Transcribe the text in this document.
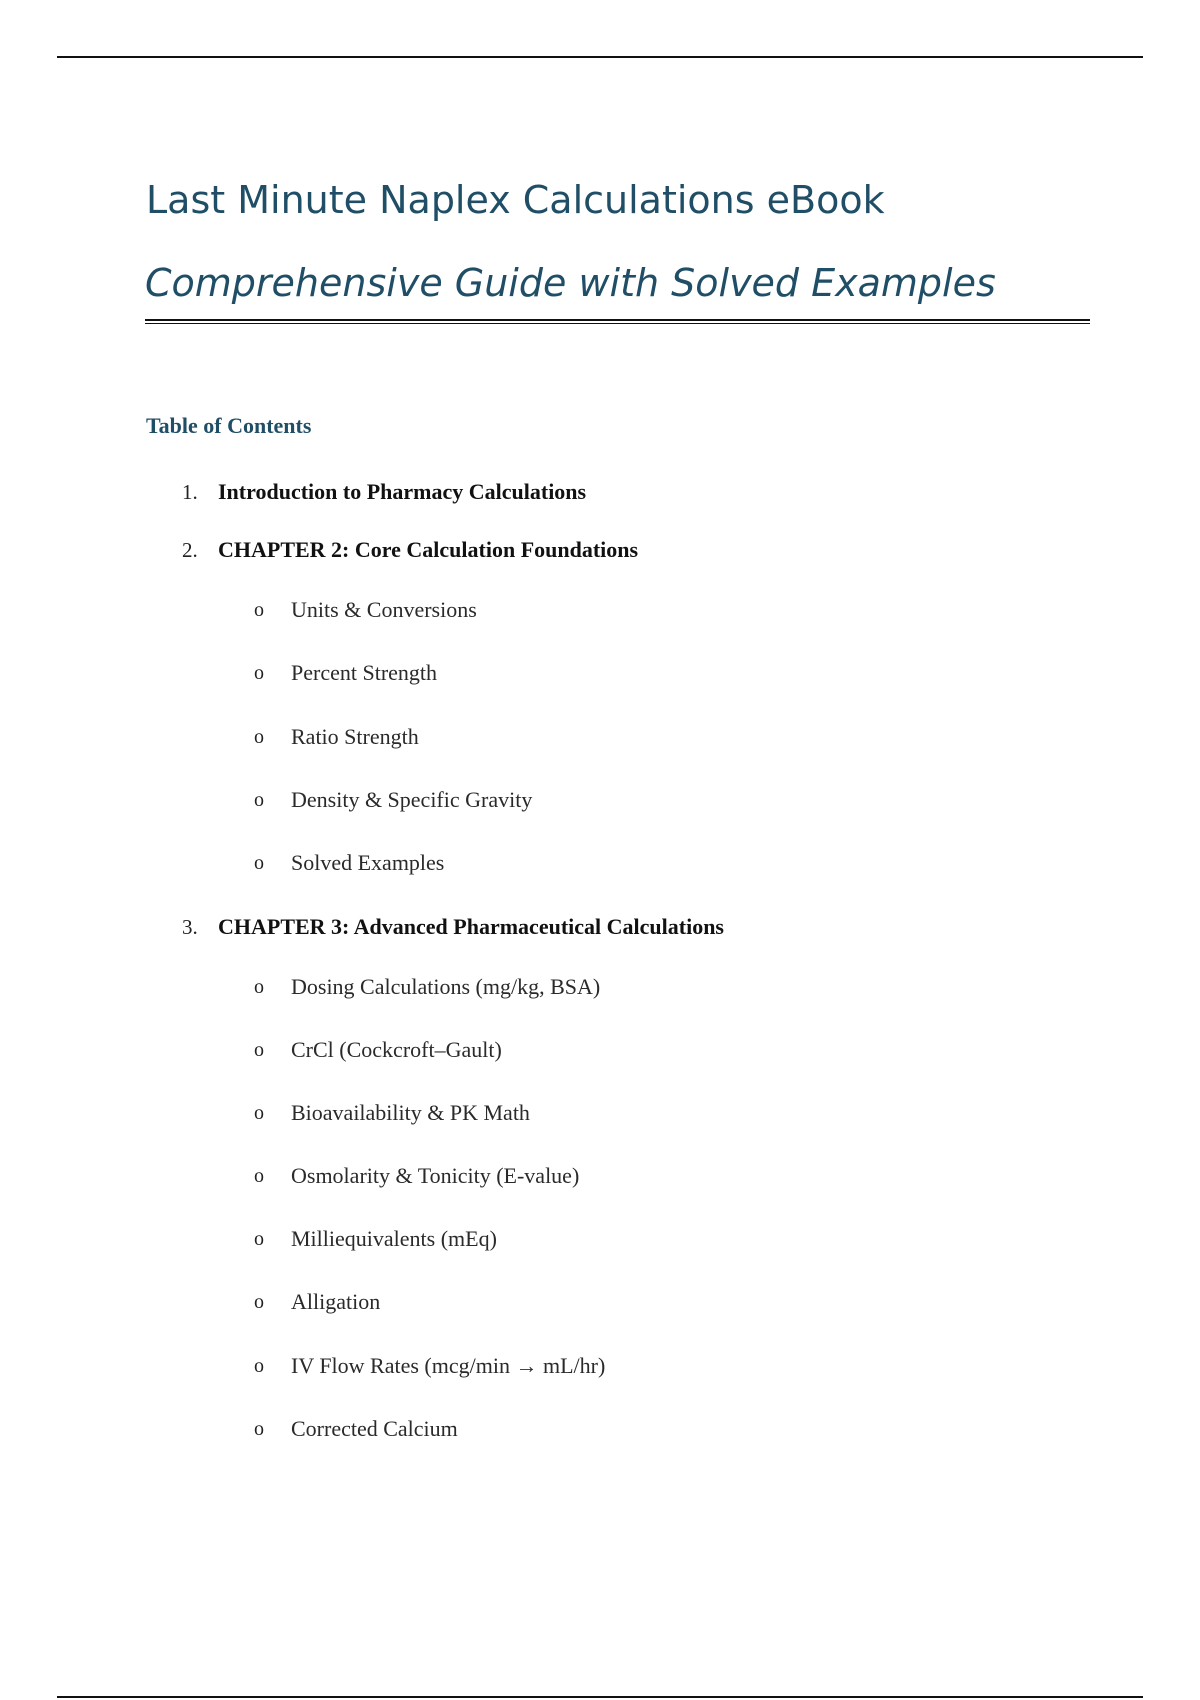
Last Minute Naplex Calculations eBook
Comprehensive Guide with Solved Examples
Table of Contents
1. Introduction to Pharmacy Calculations
2. CHAPTER 2: Core Calculation Foundations
o Units & Conversions
o Percent Strength
o Ratio Strength
o Density & Specific Gravity
o Solved Examples
3. CHAPTER 3: Advanced Pharmaceutical Calculations
o Dosing Calculations (mg/kg, BSA)
o CrCl (Cockcroft–Gault)
o Bioavailability & PK Math
o Osmolarity & Tonicity (E-value)
o Milliequivalents (mEq)
o Alligation
o IV Flow Rates (mcg/min → mL/hr)
o Corrected Calcium
